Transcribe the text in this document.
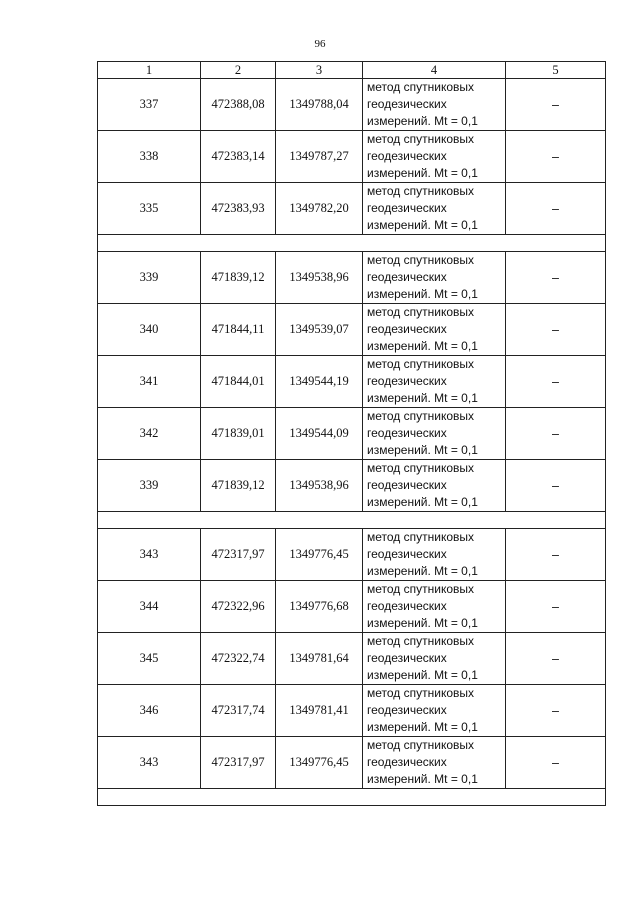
96
1	2	3	4	5
337	472388,08	1349788,04	метод спутниковых
геодезических
измерений. Mt = 0,1	–
338	472383,14	1349787,27	метод спутниковых
геодезических
измерений. Mt = 0,1	–
335	472383,93	1349782,20	метод спутниковых
геодезических
измерений. Mt = 0,1	–

339	471839,12	1349538,96	метод спутниковых
геодезических
измерений. Mt = 0,1	–
340	471844,11	1349539,07	метод спутниковых
геодезических
измерений. Mt = 0,1	–
341	471844,01	1349544,19	метод спутниковых
геодезических
измерений. Mt = 0,1	–
342	471839,01	1349544,09	метод спутниковых
геодезических
измерений. Mt = 0,1	–
339	471839,12	1349538,96	метод спутниковых
геодезических
измерений. Mt = 0,1	–

343	472317,97	1349776,45	метод спутниковых
геодезических
измерений. Mt = 0,1	–
344	472322,96	1349776,68	метод спутниковых
геодезических
измерений. Mt = 0,1	–
345	472322,74	1349781,64	метод спутниковых
геодезических
измерений. Mt = 0,1	–
346	472317,74	1349781,41	метод спутниковых
геодезических
измерений. Mt = 0,1	–
343	472317,97	1349776,45	метод спутниковых
геодезических
измерений. Mt = 0,1	–
